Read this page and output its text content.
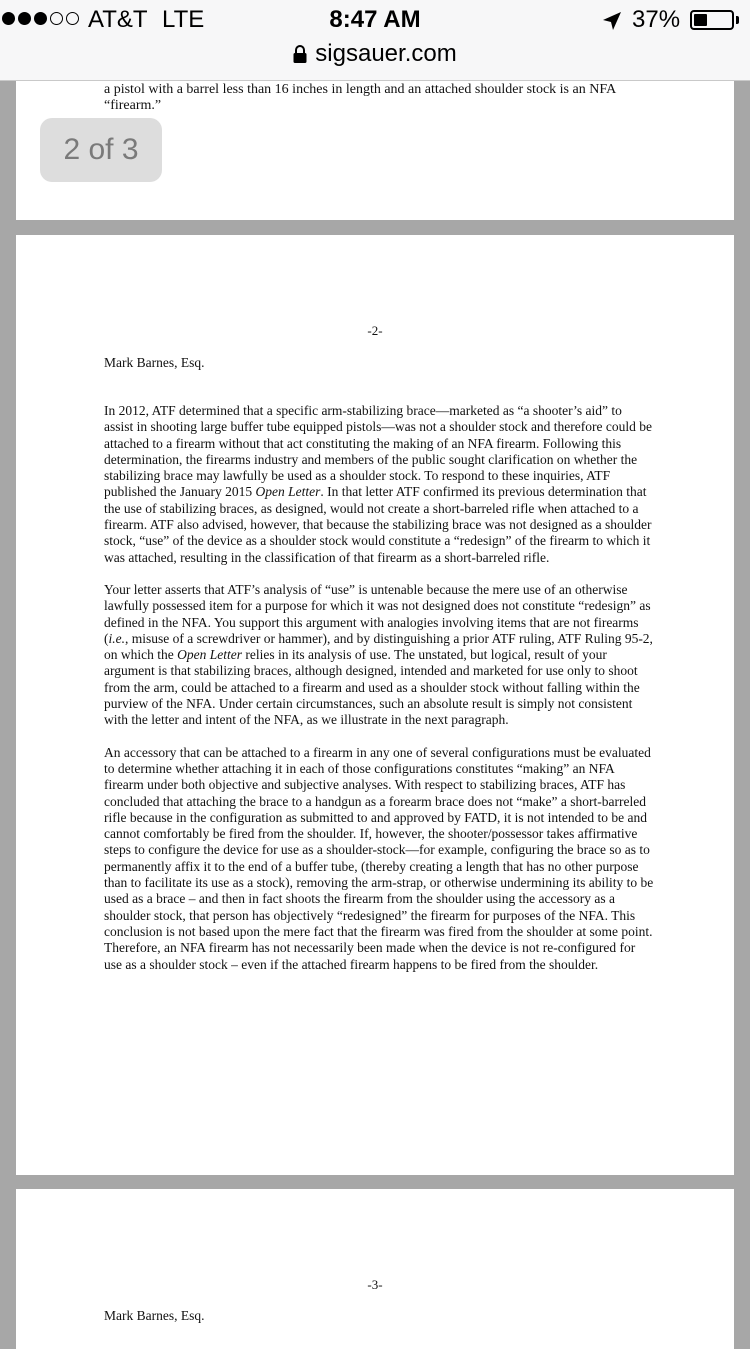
AT&T LTE	8:47 AM	37%
sigsauer.com
a pistol with a barrel less than 16 inches in length and an attached shoulder stock is an NFA
“firearm.”
2 of 3
-2-
Mark Barnes, Esq.

In 2012, ATF determined that a specific arm-stabilizing brace—marketed as “a shooter’s aid” to assist in shooting large buffer tube equipped pistols—was not a shoulder stock and therefore could be attached to a firearm without that act constituting the making of an NFA firearm. Following this determination, the firearms industry and members of the public sought clarification on whether the stabilizing brace may lawfully be used as a shoulder stock. To respond to these inquiries, ATF published the January 2015 Open Letter. In that letter ATF confirmed its previous determination that the use of stabilizing braces, as designed, would not create a short-barreled rifle when attached to a firearm. ATF also advised, however, that because the stabilizing brace was not designed as a shoulder stock, “use” of the device as a shoulder stock would constitute a “redesign” of the firearm to which it was attached, resulting in the classification of that firearm as a short-barreled rifle.

Your letter asserts that ATF’s analysis of “use” is untenable because the mere use of an otherwise lawfully possessed item for a purpose for which it was not designed does not constitute “redesign” as defined in the NFA. You support this argument with analogies involving items that are not firearms (i.e., misuse of a screwdriver or hammer), and by distinguishing a prior ATF ruling, ATF Ruling 95-2, on which the Open Letter relies in its analysis of use. The unstated, but logical, result of your argument is that stabilizing braces, although designed, intended and marketed for use only to shoot from the arm, could be attached to a firearm and used as a shoulder stock without falling within the purview of the NFA. Under certain circumstances, such an absolute result is simply not consistent with the letter and intent of the NFA, as we illustrate in the next paragraph.

An accessory that can be attached to a firearm in any one of several configurations must be evaluated to determine whether attaching it in each of those configurations constitutes “making” an NFA firearm under both objective and subjective analyses. With respect to stabilizing braces, ATF has concluded that attaching the brace to a handgun as a forearm brace does not “make” a short-barreled rifle because in the configuration as submitted to and approved by FATD, it is not intended to be and cannot comfortably be fired from the shoulder. If, however, the shooter/possessor takes affirmative steps to configure the device for use as a shoulder-stock—for example, configuring the brace so as to permanently affix it to the end of a buffer tube, (thereby creating a length that has no other purpose than to facilitate its use as a stock), removing the arm-strap, or otherwise undermining its ability to be used as a brace – and then in fact shoots the firearm from the shoulder using the accessory as a shoulder stock, that person has objectively “redesigned” the firearm for purposes of the NFA. This conclusion is not based upon the mere fact that the firearm was fired from the shoulder at some point. Therefore, an NFA firearm has not necessarily been made when the device is not re-configured for use as a shoulder stock – even if the attached firearm happens to be fired from the shoulder.

-3-
Mark Barnes, Esq.
